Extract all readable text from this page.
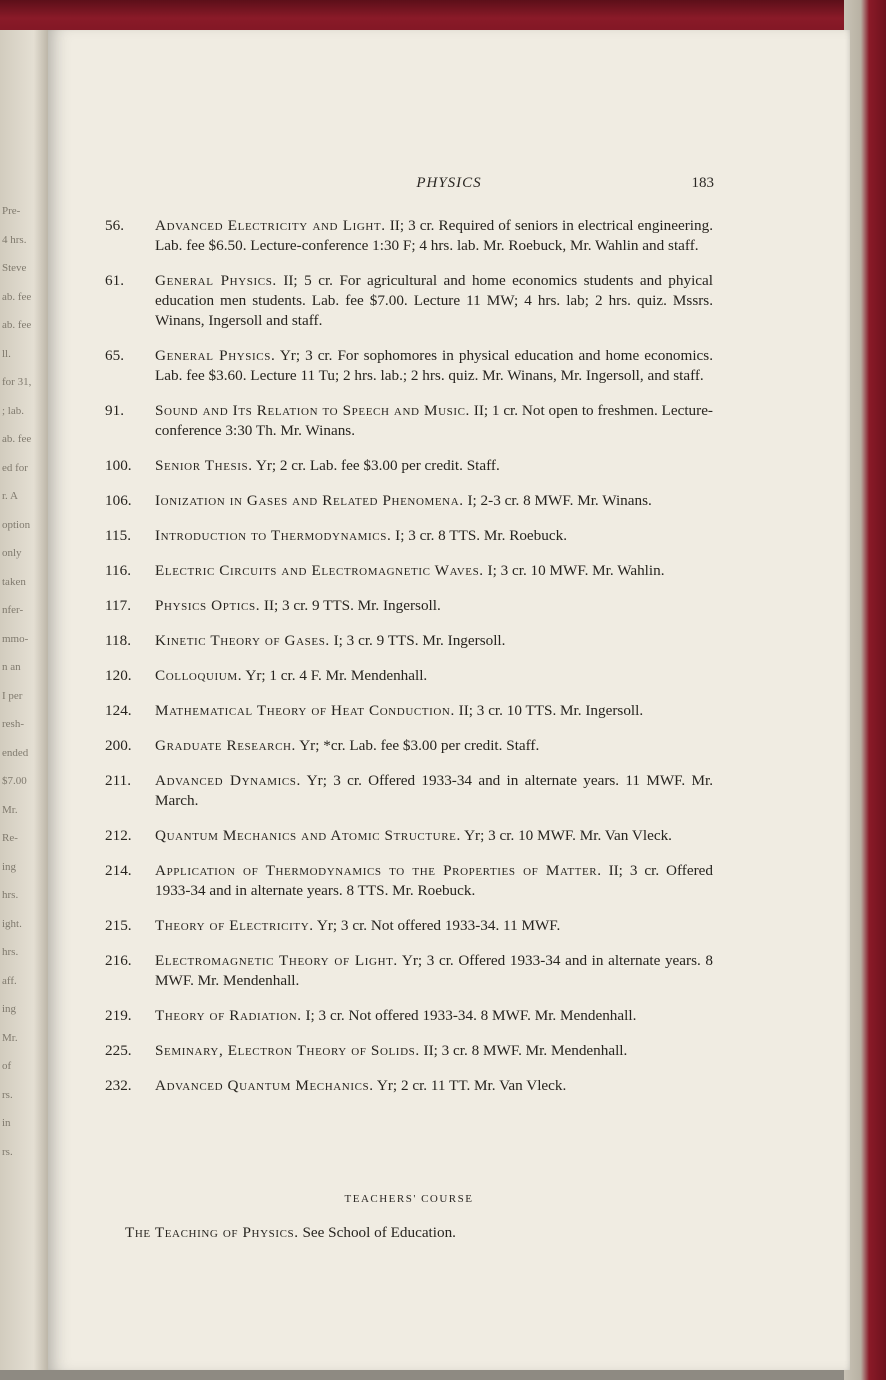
Pre-
4 hrs.
Steve
ab. fee
ab. fee
ll.
for 31,
; lab.
ab. fee
ed for
r. A
option
only
taken
nfer-
mmo-
n an
I per
resh-
ended
$7.00
Mr.
Re-
ing
hrs.
ight.
hrs.
aff.
ing
Mr.
of
rs.
in
rs.
PHYSICS	183
56. Advanced Electricity and Light. II; 3 cr. Required of seniors in electrical engineering. Lab. fee $6.50. Lecture-conference 1:30 F; 4 hrs. lab. Mr. Roebuck, Mr. Wahlin and staff.
61. General Physics. II; 5 cr. For agricultural and home economics students and phyical education men students. Lab. fee $7.00. Lecture 11 MW; 4 hrs. lab; 2 hrs. quiz. Mssrs. Winans, Ingersoll and staff.
65. General Physics. Yr; 3 cr. For sophomores in physical education and home economics. Lab. fee $3.60. Lecture 11 Tu; 2 hrs. lab.; 2 hrs. quiz. Mr. Winans, Mr. Ingersoll, and staff.
91. Sound and Its Relation to Speech and Music. II; 1 cr. Not open to freshmen. Lecture-conference 3:30 Th. Mr. Winans.
100. Senior Thesis. Yr; 2 cr. Lab. fee $3.00 per credit. Staff.
106. Ionization in Gases and Related Phenomena. I; 2-3 cr. 8 MWF. Mr. Winans.
115. Introduction to Thermodynamics. I; 3 cr. 8 TTS. Mr. Roebuck.
116. Electric Circuits and Electromagnetic Waves. I; 3 cr. 10 MWF. Mr. Wahlin.
117. Physics Optics. II; 3 cr. 9 TTS. Mr. Ingersoll.
118. Kinetic Theory of Gases. I; 3 cr. 9 TTS. Mr. Ingersoll.
120. Colloquium. Yr; 1 cr. 4 F. Mr. Mendenhall.
124. Mathematical Theory of Heat Conduction. II; 3 cr. 10 TTS. Mr. Ingersoll.
200. Graduate Research. Yr; *cr. Lab. fee $3.00 per credit. Staff.
211. Advanced Dynamics. Yr; 3 cr. Offered 1933-34 and in alternate years. 11 MWF. Mr. March.
212. Quantum Mechanics and Atomic Structure. Yr; 3 cr. 10 MWF. Mr. Van Vleck.
214. Application of Thermodynamics to the Properties of Matter. II; 3 cr. Offered 1933-34 and in alternate years. 8 TTS. Mr. Roebuck.
215. Theory of Electricity. Yr; 3 cr. Not offered 1933-34. 11 MWF.
216. Electromagnetic Theory of Light. Yr; 3 cr. Offered 1933-34 and in alternate years. 8 MWF. Mr. Mendenhall.
219. Theory of Radiation. I; 3 cr. Not offered 1933-34. 8 MWF. Mr. Mendenhall.
225. Seminary, Electron Theory of Solids. II; 3 cr. 8 MWF. Mr. Mendenhall.
232. Advanced Quantum Mechanics. Yr; 2 cr. 11 TT. Mr. Van Vleck.
TEACHERS' COURSE
The Teaching of Physics. See School of Education.
